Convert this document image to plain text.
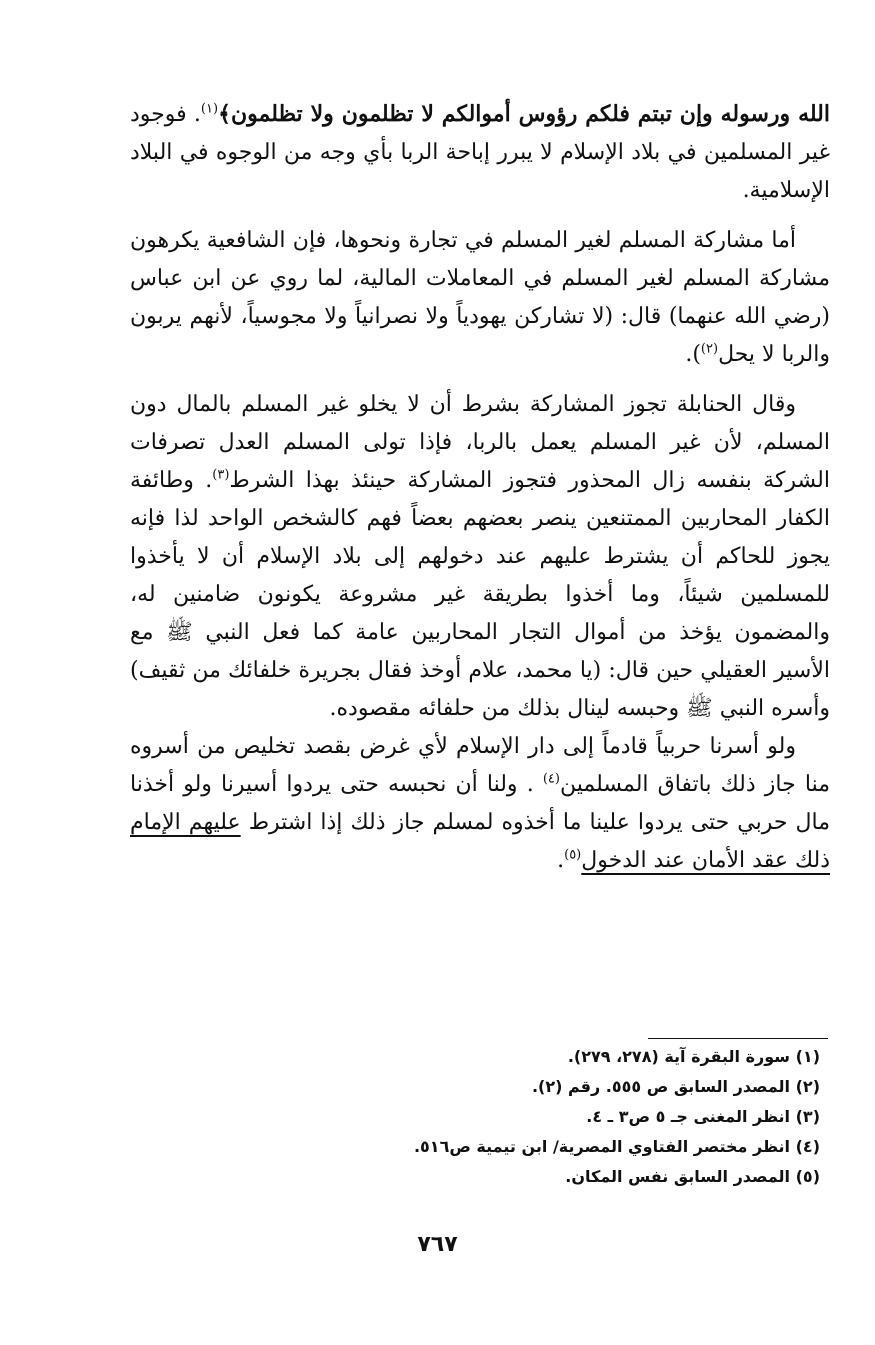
الله ورسوله وإن تبتم فلكم رؤوس أموالكم لا تظلمون ولا تظلمون﴾$^{(١)}$. فوجود غير المسلمين في بلاد الإسلام لا يبرر إباحة الربا بأي وجه من الوجوه في البلاد الإسلامية.

أما مشاركة المسلم لغير المسلم في تجارة ونحوها، فإن الشافعية يكرهون مشاركة المسلم لغير المسلم في المعاملات المالية، لما روي عن ابن عباس (رضي الله عنهما) قال: (لا تشاركن يهودياً ولا نصرانياً ولا مجوسياً، لأنهم يربون والربا لا يحل$^{(٢)}$).

وقال الحنابلة تجوز المشاركة بشرط أن لا يخلو غير المسلم بالمال دون المسلم، لأن غير المسلم يعمل بالربا، فإذا تولى المسلم العدل تصرفات الشركة بنفسه زال المحذور فتجوز المشاركة حينئذ بهذا الشرط$^{(٣)}$. وطائفة الكفار المحاربين الممتنعين ينصر بعضهم بعضاً فهم كالشخص الواحد لذا فإنه يجوز للحاكم أن يشترط عليهم عند دخولهم إلى بلاد الإسلام أن لا يأخذوا للمسلمين شيئاً، وما أخذوا بطريقة غير مشروعة يكونون ضامنين له، والمضمون يؤخذ من أموال التجار المحاربين عامة كما فعل النبي ﷺ مع الأسير العقيلي حين قال: (يا محمد، علام أوخذ فقال بجريرة خلفائك من ثقيف) وأسره النبي ﷺ وحبسه لينال بذلك من حلفائه مقصوده.

ولو أسرنا حربياً قادماً إلى دار الإسلام لأي غرض بقصد تخليص من أسروه منا جاز ذلك باتفاق المسلمين$^{(٤)}$ . ولنا أن نحبسه حتى يردوا أسيرنا ولو أخذنا مال حربي حتى يردوا علينا ما أخذوه لمسلم جاز ذلك إذا اشترط عليهم الإمام ذلك عقد الأمان عند الدخول$^{(٥)}$.

(١) سورة البقرة آية (٢٧٨، ٢٧٩).

(٢) المصدر السابق ص ٥٥٥. رقم (٢).

(٣) انظر المغنى جـ ٥ ص٣ ـ ٤.

(٤) انظر مختصر الفتاوي المصرية/ ابن تيمية ص٥١٦.

(٥) المصدر السابق نفس المكان.

٧٦٧
